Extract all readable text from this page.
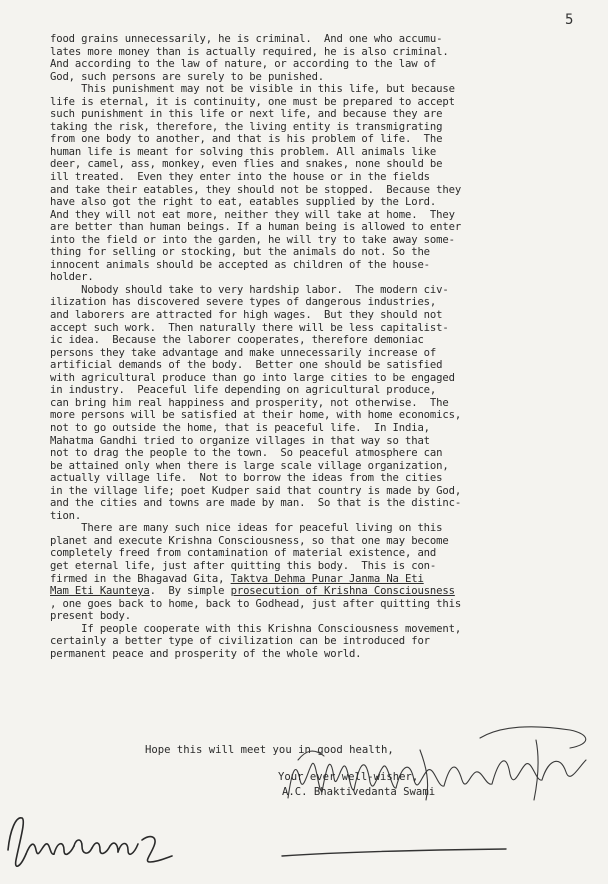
5
food grains unnecessarily, he is criminal.  And one who accumu-
lates more money than is actually required, he is also criminal.
And according to the law of nature, or according to the law of
God, such persons are surely to be punished.
This punishment may not be visible in this life, but because
life is eternal, it is continuity, one must be prepared to accept
such punishment in this life or next life, and because they are
taking the risk, therefore, the living entity is transmigrating
from one body to another, and that is his problem of life.  The
human life is meant for solving this problem. All animals like
deer, camel, ass, monkey, even flies and snakes, none should be
ill treated.  Even they enter into the house or in the fields
and take their eatables, they should not be stopped.  Because they
have also got the right to eat, eatables supplied by the Lord.
And they will not eat more, neither they will take at home.  They
are better than human beings. If a human being is allowed to enter
into the field or into the garden, he will try to take away some-
thing for selling or stocking, but the animals do not. So the
innocent animals should be accepted as children of the house-
holder.
Nobody should take to very hardship labor.  The modern civ-
ilization has discovered severe types of dangerous industries,
and laborers are attracted for high wages.  But they should not
accept such work.  Then naturally there will be less capitalist-
ic idea.  Because the laborer cooperates, therefore demoniac
persons they take advantage and make unnecessarily increase of
artificial demands of the body.  Better one should be satisfied
with agricultural produce than go into large cities to be engaged
in industry.  Peaceful life depending on agricultural produce,
can bring him real happiness and prosperity, not otherwise.  The
more persons will be satisfied at their home, with home economics,
not to go outside the home, that is peaceful life.  In India,
Mahatma Gandhi tried to organize villages in that way so that
not to drag the people to the town.  So peaceful atmosphere can
be attained only when there is large scale village organization,
actually village life.  Not to borrow the ideas from the cities
in the village life; poet Kudper said that country is made by God,
and the cities and towns are made by man.  So that is the distinc-
tion.
There are many such nice ideas for peaceful living on this
planet and execute Krishna Consciousness, so that one may become
completely freed from contamination of material existence, and
get eternal life, just after quitting this body.  This is con-
firmed in the Bhagavad Gita, Taktva Dehma Punar Janma Na Eti
Mam Eti Kaunteya.  By simple prosecution of Krishna Consciousness
, one goes back to home, back to Godhead, just after quitting this
present body.
If people cooperate with this Krishna Consciousness movement,
certainly a better type of civilization can be introduced for
permanent peace and prosperity of the whole world.
Hope this will meet you in good health,
Your ever well-wisher,
A.C. Bhaktivedanta Swami
